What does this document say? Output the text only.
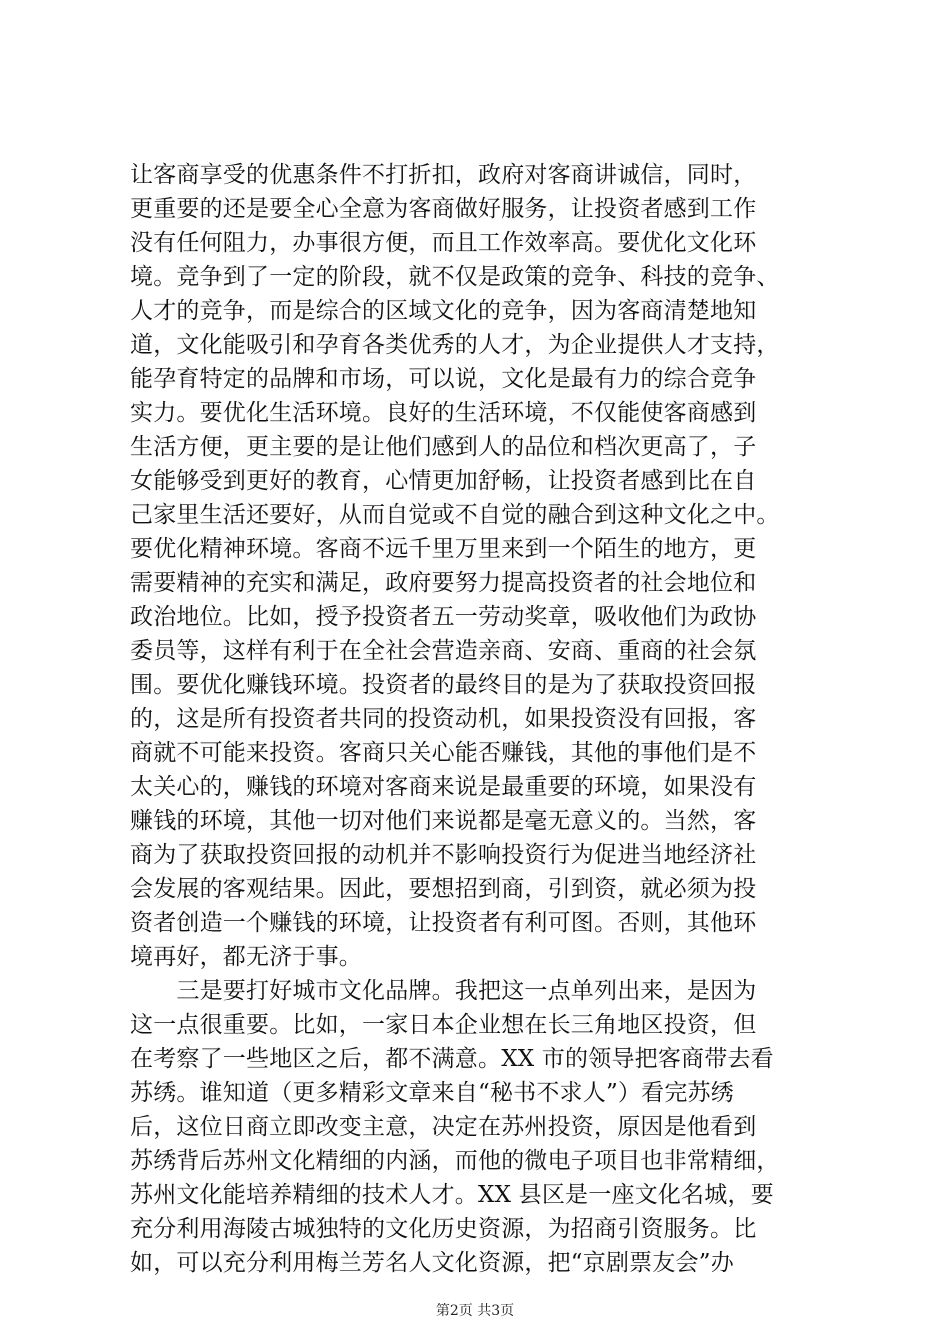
让客商享受的优惠条件不打折扣，政府对客商讲诚信，同时，
更重要的还是要全心全意为客商做好服务，让投资者感到工作
没有任何阻力，办事很方便，而且工作效率高。要优化文化环
境。竞争到了一定的阶段，就不仅是政策的竞争、科技的竞争、
人才的竞争，而是综合的区域文化的竞争，因为客商清楚地知
道，文化能吸引和孕育各类优秀的人才，为企业提供人才支持，
能孕育特定的品牌和市场，可以说，文化是最有力的综合竞争
实力。要优化生活环境。良好的生活环境，不仅能使客商感到
生活方便，更主要的是让他们感到人的品位和档次更高了，子
女能够受到更好的教育，心情更加舒畅，让投资者感到比在自
己家里生活还要好，从而自觉或不自觉的融合到这种文化之中。
要优化精神环境。客商不远千里万里来到一个陌生的地方，更
需要精神的充实和满足，政府要努力提高投资者的社会地位和
政治地位。比如，授予投资者五一劳动奖章，吸收他们为政协
委员等，这样有利于在全社会营造亲商、安商、重商的社会氛
围。要优化赚钱环境。投资者的最终目的是为了获取投资回报
的，这是所有投资者共同的投资动机，如果投资没有回报，客
商就不可能来投资。客商只关心能否赚钱，其他的事他们是不
太关心的，赚钱的环境对客商来说是最重要的环境，如果没有
赚钱的环境，其他一切对他们来说都是毫无意义的。当然，客
商为了获取投资回报的动机并不影响投资行为促进当地经济社
会发展的客观结果。因此，要想招到商，引到资，就必须为投
资者创造一个赚钱的环境，让投资者有利可图。否则，其他环
境再好，都无济于事。
　　三是要打好城市文化品牌。我把这一点单列出来，是因为
这一点很重要。比如，一家日本企业想在长三角地区投资，但
在考察了一些地区之后，都不满意。XX 市的领导把客商带去看
苏绣。谁知道（更多精彩文章来自“秘书不求人”）看完苏绣
后，这位日商立即改变主意，决定在苏州投资，原因是他看到
苏绣背后苏州文化精细的内涵，而他的微电子项目也非常精细，
苏州文化能培养精细的技术人才。XX 县区是一座文化名城，要
充分利用海陵古城独特的文化历史资源，为招商引资服务。比
如，可以充分利用梅兰芳名人文化资源，把“京剧票友会”办
第2页 共3页
